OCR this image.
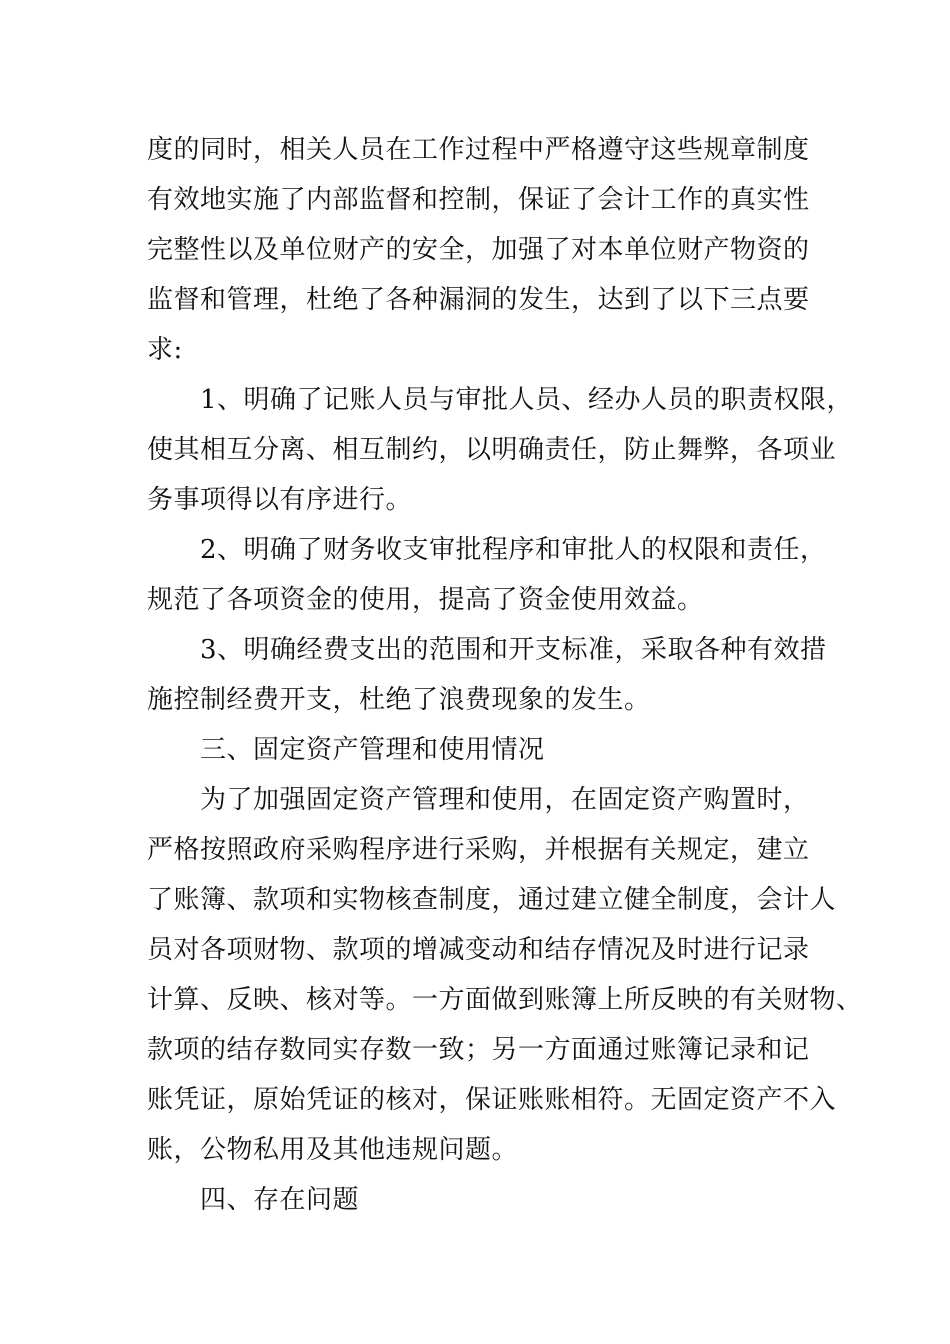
度的同时，相关人员在工作过程中严格遵守这些规章制度
有效地实施了内部监督和控制，保证了会计工作的真实性
完整性以及单位财产的安全，加强了对本单位财产物资的
监督和管理，杜绝了各种漏洞的发生，达到了以下三点要
求:
1、明确了记账人员与审批人员、经办人员的职责权限，
使其相互分离、相互制约，以明确责任，防止舞弊，各项业
务事项得以有序进行。
2、明确了财务收支审批程序和审批人的权限和责任，
规范了各项资金的使用，提高了资金使用效益。
3、明确经费支出的范围和开支标准，采取各种有效措
施控制经费开支，杜绝了浪费现象的发生。
三、固定资产管理和使用情况
为了加强固定资产管理和使用，在固定资产购置时，
严格按照政府采购程序进行采购，并根据有关规定，建立
了账簿、款项和实物核查制度，通过建立健全制度，会计人
员对各项财物、款项的增减变动和结存情况及时进行记录
计算、反映、核对等。一方面做到账簿上所反映的有关财物、
款项的结存数同实存数一致；另一方面通过账簿记录和记
账凭证，原始凭证的核对，保证账账相符。无固定资产不入
账，公物私用及其他违规问题。
四、存在问题
